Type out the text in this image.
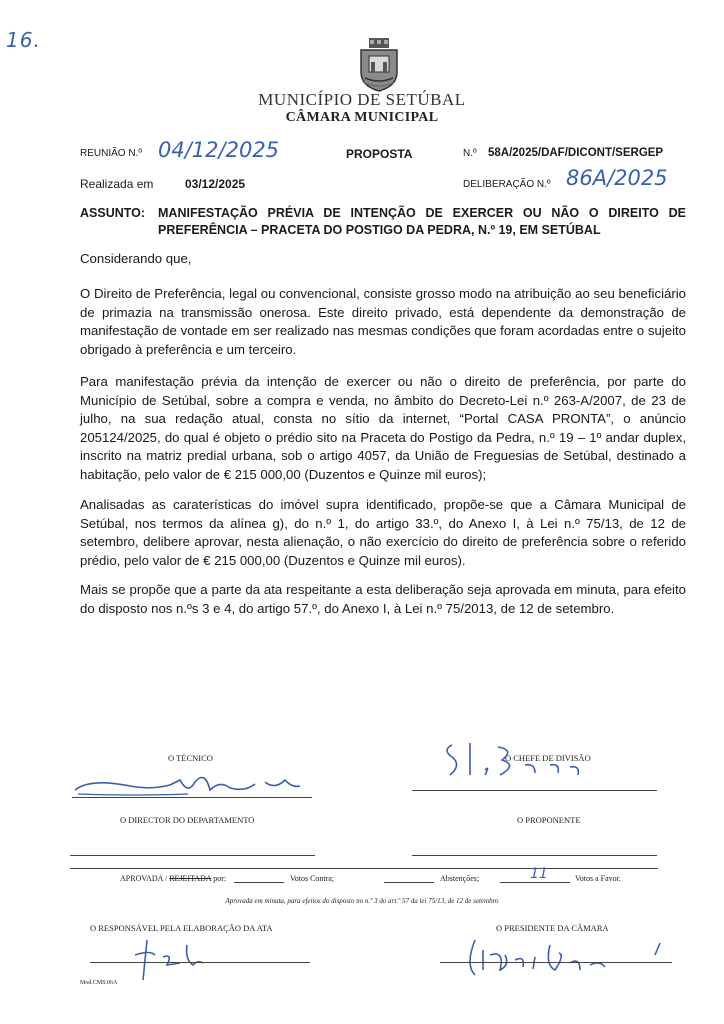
16.
MUNICÍPIO DE SETÚBAL
CÂMARA MUNICIPAL
REUNIÃO N.º 04/12/2025	PROPOSTA	N.º 58A/2025/DAF/DICONT/SERGEP
Realizada em	03/12/2025	DELIBERAÇÃO N.º 86A/2025
ASSUNTO: MANIFESTAÇÃO PRÉVIA DE INTENÇÃO DE EXERCER OU NÃO O DIREITO DE PREFERÊNCIA – PRACETA DO POSTIGO DA PEDRA, N.º 19, EM SETÚBAL
Considerando que,
O Direito de Preferência, legal ou convencional, consiste grosso modo na atribuição ao seu beneficiário de primazia na transmissão onerosa. Este direito privado, está dependente da demonstração de manifestação de vontade em ser realizado nas mesmas condições que foram acordadas entre o sujeito obrigado à preferência e um terceiro.
Para manifestação prévia da intenção de exercer ou não o direito de preferência, por parte do Município de Setúbal, sobre a compra e venda, no âmbito do Decreto-Lei n.º 263-A/2007, de 23 de julho, na sua redação atual, consta no sítio da internet, “Portal CASA PRONTA”, o anúncio 205124/2025, do qual é objeto o prédio sito na Praceta do Postigo da Pedra, n.º 19 – 1º andar duplex, inscrito na matriz predial urbana, sob o artigo 4057, da União de Freguesias de Setúbal, destinado a habitação, pelo valor de € 215 000,00 (Duzentos e Quinze mil euros);
Analisadas as caraterísticas do imóvel supra identificado, propõe-se que a Câmara Municipal de Setúbal, nos termos da alínea g), do n.º 1, do artigo 33.º, do Anexo I, à Lei n.º 75/13, de 12 de setembro, delibere aprovar, nesta alienação, o não exercício do direito de preferência sobre o referido prédio, pelo valor de € 215 000,00 (Duzentos e Quinze mil euros).
Mais se propõe que a parte da ata respeitante a esta deliberação seja aprovada em minuta, para efeito do disposto nos n.ºs 3 e 4, do artigo 57.º, do Anexo I, à Lei n.º 75/2013, de 12 de setembro.
O TÉCNICO	O CHEFE DE DIVISÃO
O DIRECTOR DO DEPARTAMENTO	O PROPONENTE
APROVADA / REJEITADA por:	Votos Contra;	Abstenções;	11	Votos a Favor.
Aprovada em minuta, para efeitos do disposto no n.º 3 do art.º 57 da lei 75/13, de 12 de setembro
O RESPONSÁVEL PELA ELABORAÇÃO DA ATA	O PRESIDENTE DA CÂMARA
Mod.CMS.06A
